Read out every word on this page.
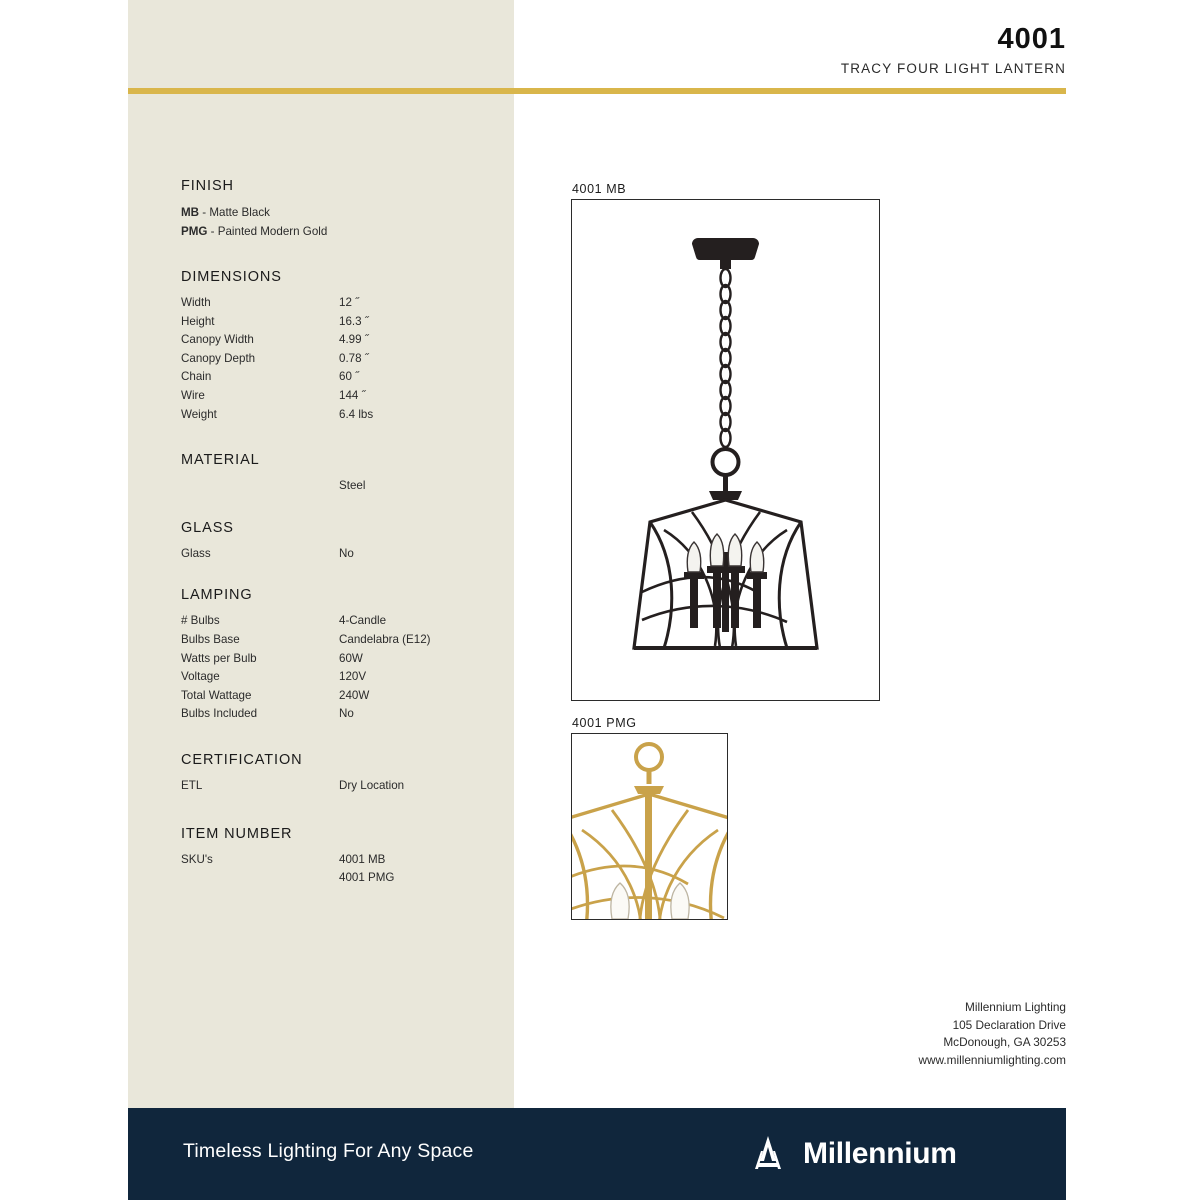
4001
TRACY FOUR LIGHT LANTERN
FINISH
MB - Matte Black
PMG - Painted Modern Gold
DIMENSIONS
Width	12 ˝
Height	16.3 ˝
Canopy Width	4.99 ˝
Canopy Depth	0.78 ˝
Chain	60 ˝
Wire	144 ˝
Weight	6.4 lbs
MATERIAL
Steel
GLASS
Glass	No
LAMPING
# Bulbs	4-Candle
Bulbs Base	Candelabra (E12)
Watts per Bulb	60W
Voltage	120V
Total Wattage	240W
Bulbs Included	No
CERTIFICATION
ETL	Dry Location
ITEM NUMBER
SKU's	4001 MB
4001 PMG
4001 MB
4001 PMG
Millennium Lighting
105 Declaration Drive
McDonough, GA 30253
www.millenniumlighting.com
Timeless Lighting For Any Space	Millennium
